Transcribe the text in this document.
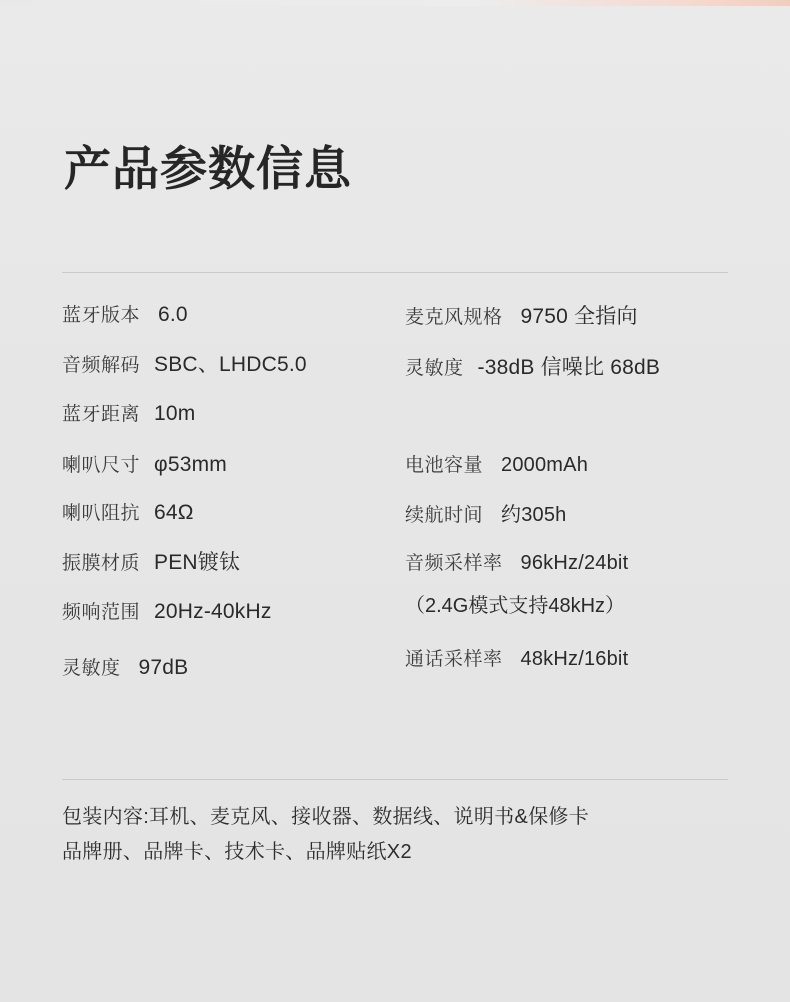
产品参数信息
蓝牙版本 6.0
音频解码 SBC、LHDC5.0
蓝牙距离 10m
喇叭尺寸 φ53mm
喇叭阻抗 64Ω
振膜材质 PEN镀钛
频响范围 20Hz-40kHz
灵敏度 97dB
麦克风规格 9750 全指向
灵敏度 -38dB 信噪比 68dB
电池容量 2000mAh
续航时间 约305h
音频采样率 96kHz/24bit
（2.4G模式支持48kHz）
通话采样率 48kHz/16bit
包装内容:耳机、麦克风、接收器、数据线、说明书&保修卡
品牌册、品牌卡、技术卡、品牌贴纸X2
